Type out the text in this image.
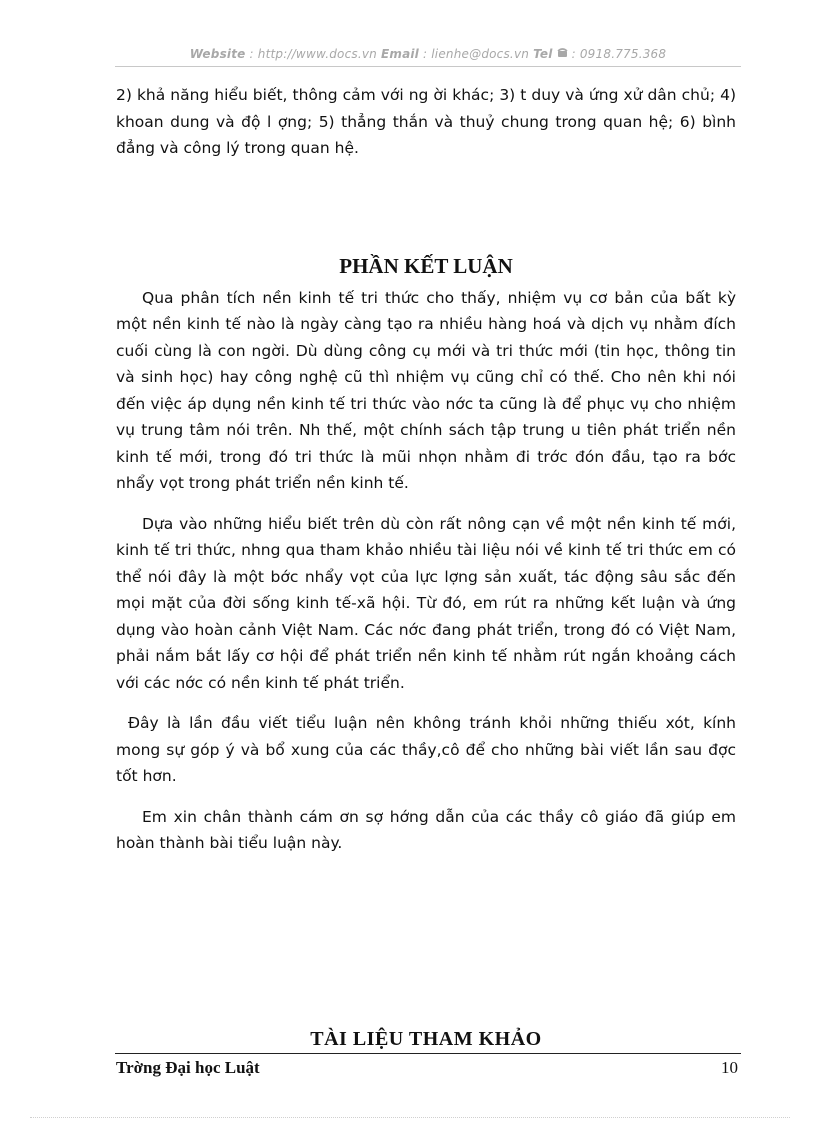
Website : http://www.docs.vn Email : lienhe@docs.vn Tel  : 0918.775.368

2) khả năng hiểu biết, thông cảm với ng ời khác; 3) t duy và ứng xử dân chủ; 4) khoan dung và độ l ợng; 5) thẳng thắn và thuỷ chung trong quan hệ; 6) bình đẳng và công lý trong quan hệ.

PHẦN KẾT LUẬN

Qua phân tích nền kinh tế tri thức cho thấy, nhiệm vụ cơ bản của bất kỳ một nền kinh tế nào là ngày càng tạo ra nhiều hàng hoá và dịch vụ nhằm đích cuối cùng là con ngời. Dù dùng công cụ mới và tri thức mới (tin học, thông tin và sinh học) hay công nghệ cũ thì nhiệm vụ cũng chỉ có thế. Cho nên khi nói đến việc áp dụng nền kinh tế tri thức vào nớc ta cũng là để phục vụ cho nhiệm vụ trung tâm nói trên. Nh thế, một chính sách tập trung u tiên phát triển nền kinh tế mới, trong đó tri thức là mũi nhọn nhằm đi trớc đón đầu, tạo ra bớc nhẩy vọt trong phát triển nền kinh tế.

Dựa vào những hiểu biết trên dù còn rất nông cạn về một nền kinh tế mới, kinh tế tri thức, nhng qua tham khảo nhiều tài liệu nói về kinh tế tri thức em có thể nói đây là một bớc nhẩy vọt của lực lợng sản xuất, tác động sâu sắc đến mọi mặt của đời sống kinh tế-xã hội. Từ đó, em rút ra những kết luận và ứng dụng vào hoàn cảnh Việt Nam. Các nớc đang phát triển, trong đó có Việt Nam, phải nắm bắt lấy cơ hội để phát triển nền kinh tế nhằm rút ngắn khoảng cách với các nớc có nền kinh tế phát triển.

Đây là lần đầu viết tiểu luận nên không tránh khỏi những thiếu xót, kính mong sự góp ý và bổ xung của các thầy,cô để cho những bài viết lần sau đợc tốt hơn.

Em xin chân thành cám ơn sợ hớng dẫn của các thầy cô giáo đã giúp em hoàn thành bài tiểu luận này.

TÀI LIỆU THAM KHẢO
Trờng Đại học Luật	10
